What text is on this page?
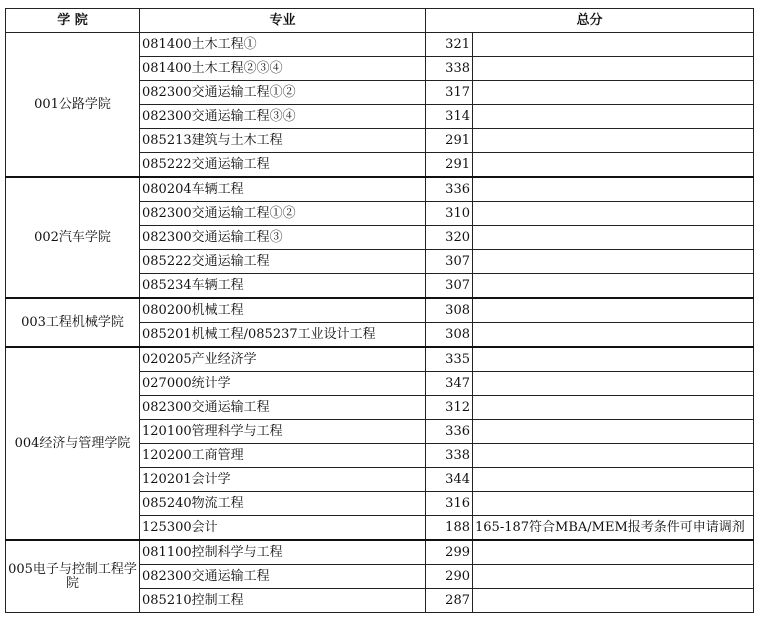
学 院	专业	总分	
001公路学院	081400土木工程①	321	
	081400土木工程②③④	338	
	082300交通运输工程①②	317	
	082300交通运输工程③④	314	
	085213建筑与土木工程	291	
	085222交通运输工程	291	
002汽车学院	080204车辆工程	336	
	082300交通运输工程①②	310	
	082300交通运输工程③	320	
	085222交通运输工程	307	
	085234车辆工程	307	
003工程机械学院	080200机械工程	308	
	085201机械工程/085237工业设计工程	308	
004经济与管理学院	020205产业经济学	335	
	027000统计学	347	
	082300交通运输工程	312	
	120100管理科学与工程	336	
	120200工商管理	338	
	120201会计学	344	
	085240物流工程	316	
	125300会计	188	165-187符合MBA/MEM报考条件可申请调剂
005电子与控制工程学院	081100控制科学与工程	299	
	082300交通运输工程	290	
	085210控制工程	287	
